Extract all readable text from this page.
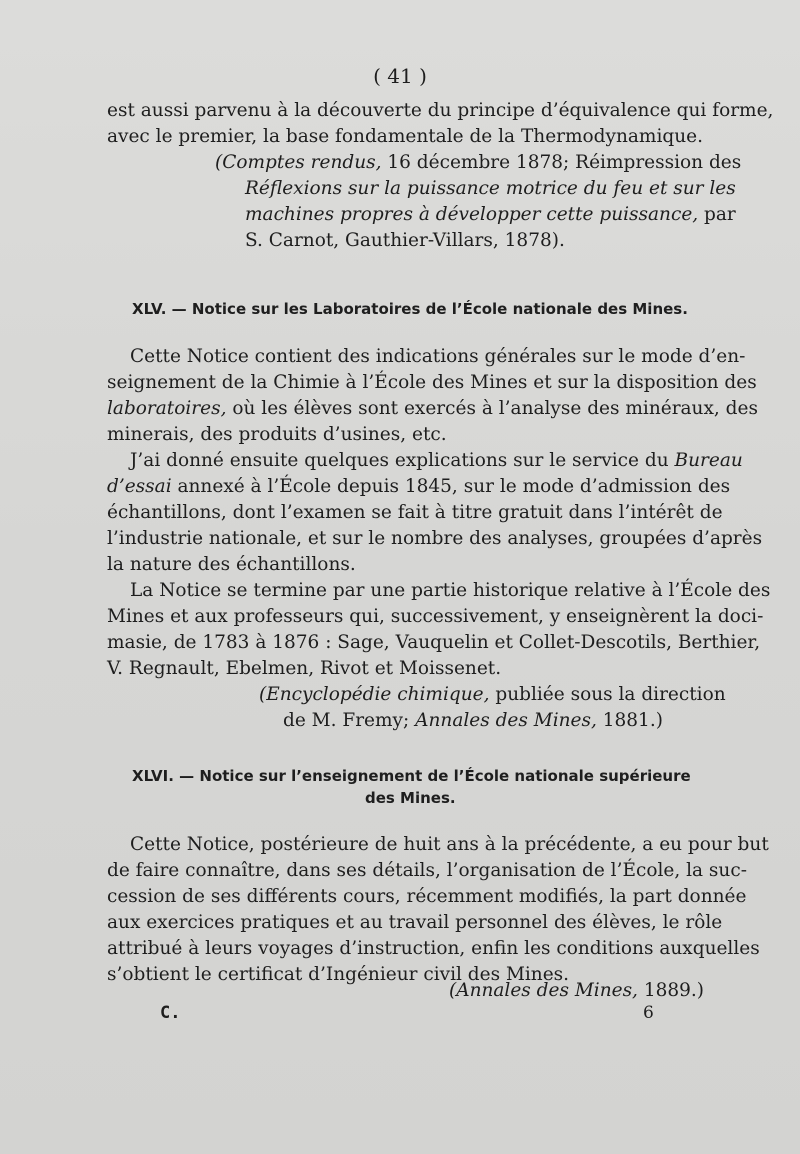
( 41 )
est aussi parvenu à la découverte du principe d’équivalence qui forme,
avec le premier, la base fondamentale de la Thermodynamique.
(Comptes rendus, 16 décembre 1878; Réimpression des
Réflexions sur la puissance motrice du feu et sur les
machines propres à développer cette puissance, par
S. Carnot, Gauthier-Villars, 1878).
XLV. — Notice sur les Laboratoires de l’École nationale des Mines.
Cette Notice contient des indications générales sur le mode d’en-
seignement de la Chimie à l’École des Mines et sur la disposition des
laboratoires, où les élèves sont exercés à l’analyse des minéraux, des
minerais, des produits d’usines, etc.
J’ai donné ensuite quelques explications sur le service du Bureau
d’essai annexé à l’École depuis 1845, sur le mode d’admission des
échantillons, dont l’examen se fait à titre gratuit dans l’intérêt de
l’industrie nationale, et sur le nombre des analyses, groupées d’après
la nature des échantillons.
La Notice se termine par une partie historique relative à l’École des
Mines et aux professeurs qui, successivement, y enseignèrent la doci-
masie, de 1783 à 1876 : Sage, Vauquelin et Collet-Descotils, Berthier,
V. Regnault, Ebelmen, Rivot et Moissenet.
(Encyclopédie chimique, publiée sous la direction
de M. Fremy; Annales des Mines, 1881.)
XLVI. — Notice sur l’enseignement de l’École nationale supérieure
des Mines.
Cette Notice, postérieure de huit ans à la précédente, a eu pour but
de faire connaître, dans ses détails, l’organisation de l’École, la suc-
cession de ses différents cours, récemment modifiés, la part donnée
aux exercices pratiques et au travail personnel des élèves, le rôle
attribué à leurs voyages d’instruction, enfin les conditions auxquelles
s’obtient le certificat d’Ingénieur civil des Mines.
(Annales des Mines, 1889.)
C.	6
